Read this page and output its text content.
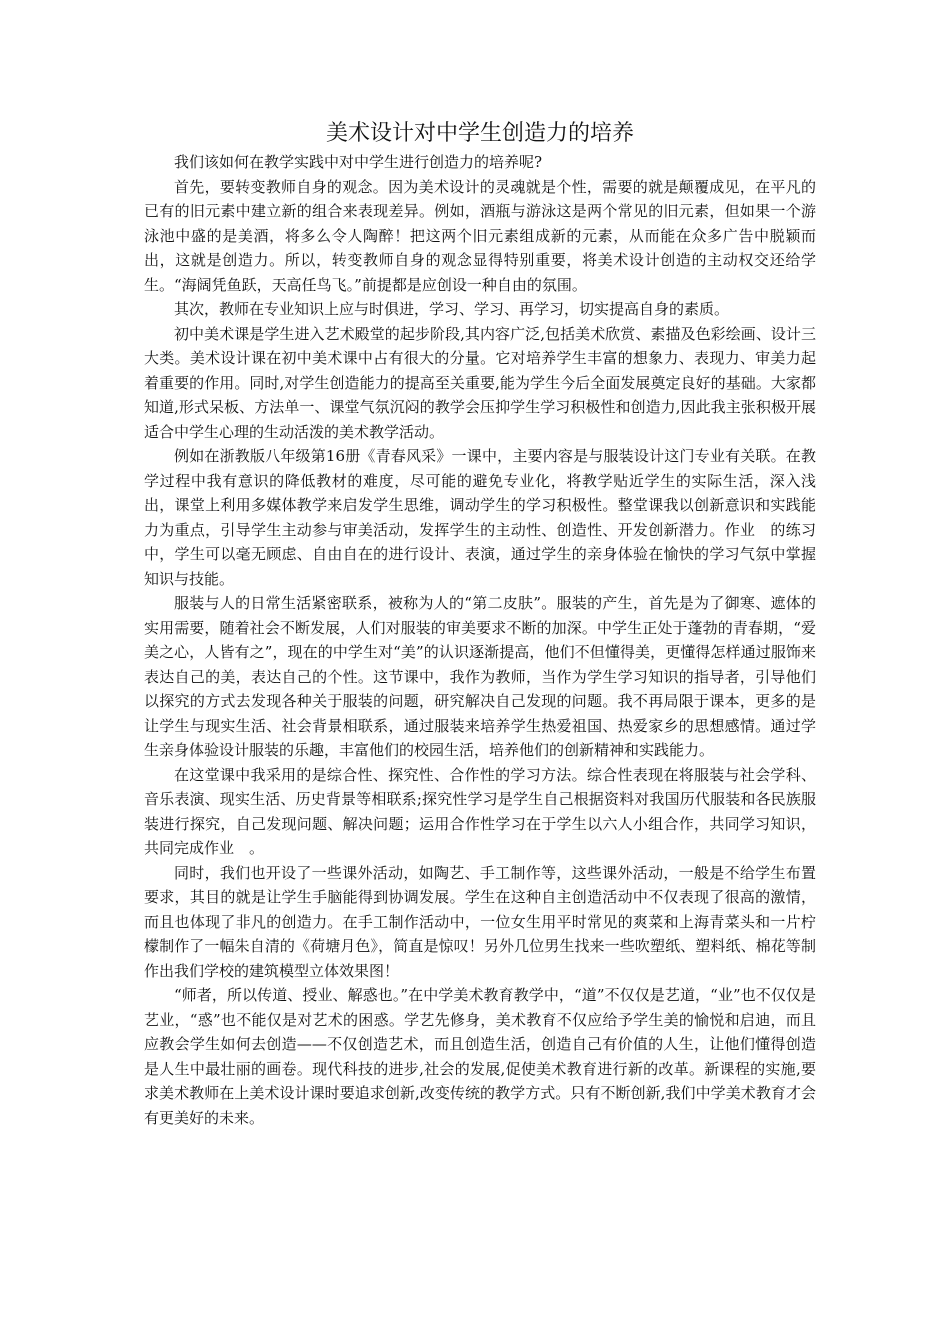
美术设计对中学生创造力的培养

我们该如何在教学实践中对中学生进行创造力的培养呢?

首先，要转变教师自身的观念。因为美术设计的灵魂就是个性，需要的就是颠覆成见，在平凡的已有的旧元素中建立新的组合来表现差异。例如，酒瓶与游泳这是两个常见的旧元素，但如果一个游泳池中盛的是美酒，将多么令人陶醉！把这两个旧元素组成新的元素，从而能在众多广告中脱颖而出，这就是创造力。所以，转变教师自身的观念显得特别重要，将美术设计创造的主动权交还给学生。“海阔凭鱼跃，天高任鸟飞。”前提都是应创设一种自由的氛围。

其次，教师在专业知识上应与时俱进，学习、学习、再学习，切实提高自身的素质。

初中美术课是学生进入艺术殿堂的起步阶段,其内容广泛,包括美术欣赏、素描及色彩绘画、设计三大类。美术设计课在初中美术课中占有很大的分量。它对培养学生丰富的想象力、表现力、审美力起着重要的作用。同时,对学生创造能力的提高至关重要,能为学生今后全面发展奠定良好的基础。大家都知道,形式呆板、方法单一、课堂气氛沉闷的教学会压抑学生学习积极性和创造力,因此我主张积极开展适合中学生心理的生动活泼的美术教学活动。

例如在浙教版八年级第16册《青春风采》一课中，主要内容是与服装设计这门专业有关联。在教学过程中我有意识的降低教材的难度，尽可能的避免专业化，将教学贴近学生的实际生活，深入浅出，课堂上利用多媒体教学来启发学生思维，调动学生的学习积极性。整堂课我以创新意识和实践能力为重点，引导学生主动参与审美活动，发挥学生的主动性、创造性、开发创新潜力。作业　的练习中，学生可以毫无顾虑、自由自在的进行设计、表演，通过学生的亲身体验在愉快的学习气氛中掌握知识与技能。

服装与人的日常生活紧密联系，被称为人的“第二皮肤”。服装的产生，首先是为了御寒、遮体的实用需要，随着社会不断发展，人们对服装的审美要求不断的加深。中学生正处于蓬勃的青春期，“爱美之心，人皆有之”，现在的中学生对“美”的认识逐渐提高，他们不但懂得美，更懂得怎样通过服饰来表达自己的美，表达自己的个性。这节课中，我作为教师，当作为学生学习知识的指导者，引导他们以探究的方式去发现各种关于服装的问题，研究解决自己发现的问题。我不再局限于课本，更多的是让学生与现实生活、社会背景相联系，通过服装来培养学生热爱祖国、热爱家乡的思想感情。通过学生亲身体验设计服装的乐趣，丰富他们的校园生活，培养他们的创新精神和实践能力。

在这堂课中我采用的是综合性、探究性、合作性的学习方法。综合性表现在将服装与社会学科、音乐表演、现实生活、历史背景等相联系;探究性学习是学生自己根据资料对我国历代服装和各民族服装进行探究，自己发现问题、解决问题；运用合作性学习在于学生以六人小组合作，共同学习知识，共同完成作业　。

同时，我们也开设了一些课外活动，如陶艺、手工制作等，这些课外活动，一般是不给学生布置要求，其目的就是让学生手脑能得到协调发展。学生在这种自主创造活动中不仅表现了很高的激情，而且也体现了非凡的创造力。在手工制作活动中，一位女生用平时常见的爽菜和上海青菜头和一片柠檬制作了一幅朱自清的《荷塘月色》，简直是惊叹！另外几位男生找来一些吹塑纸、塑料纸、棉花等制作出我们学校的建筑模型立体效果图！

“师者，所以传道、授业、解惑也。”在中学美术教育教学中，“道”不仅仅是艺道，“业”也不仅仅是艺业，“惑”也不能仅是对艺术的困惑。学艺先修身，美术教育不仅应给予学生美的愉悦和启迪，而且应教会学生如何去创造——不仅创造艺术，而且创造生活，创造自己有价值的人生，让他们懂得创造是人生中最壮丽的画卷。现代科技的进步,社会的发展,促使美术教育进行新的改革。新课程的实施,要求美术教师在上美术设计课时要追求创新,改变传统的教学方式。只有不断创新,我们中学美术教育才会有更美好的未来。
